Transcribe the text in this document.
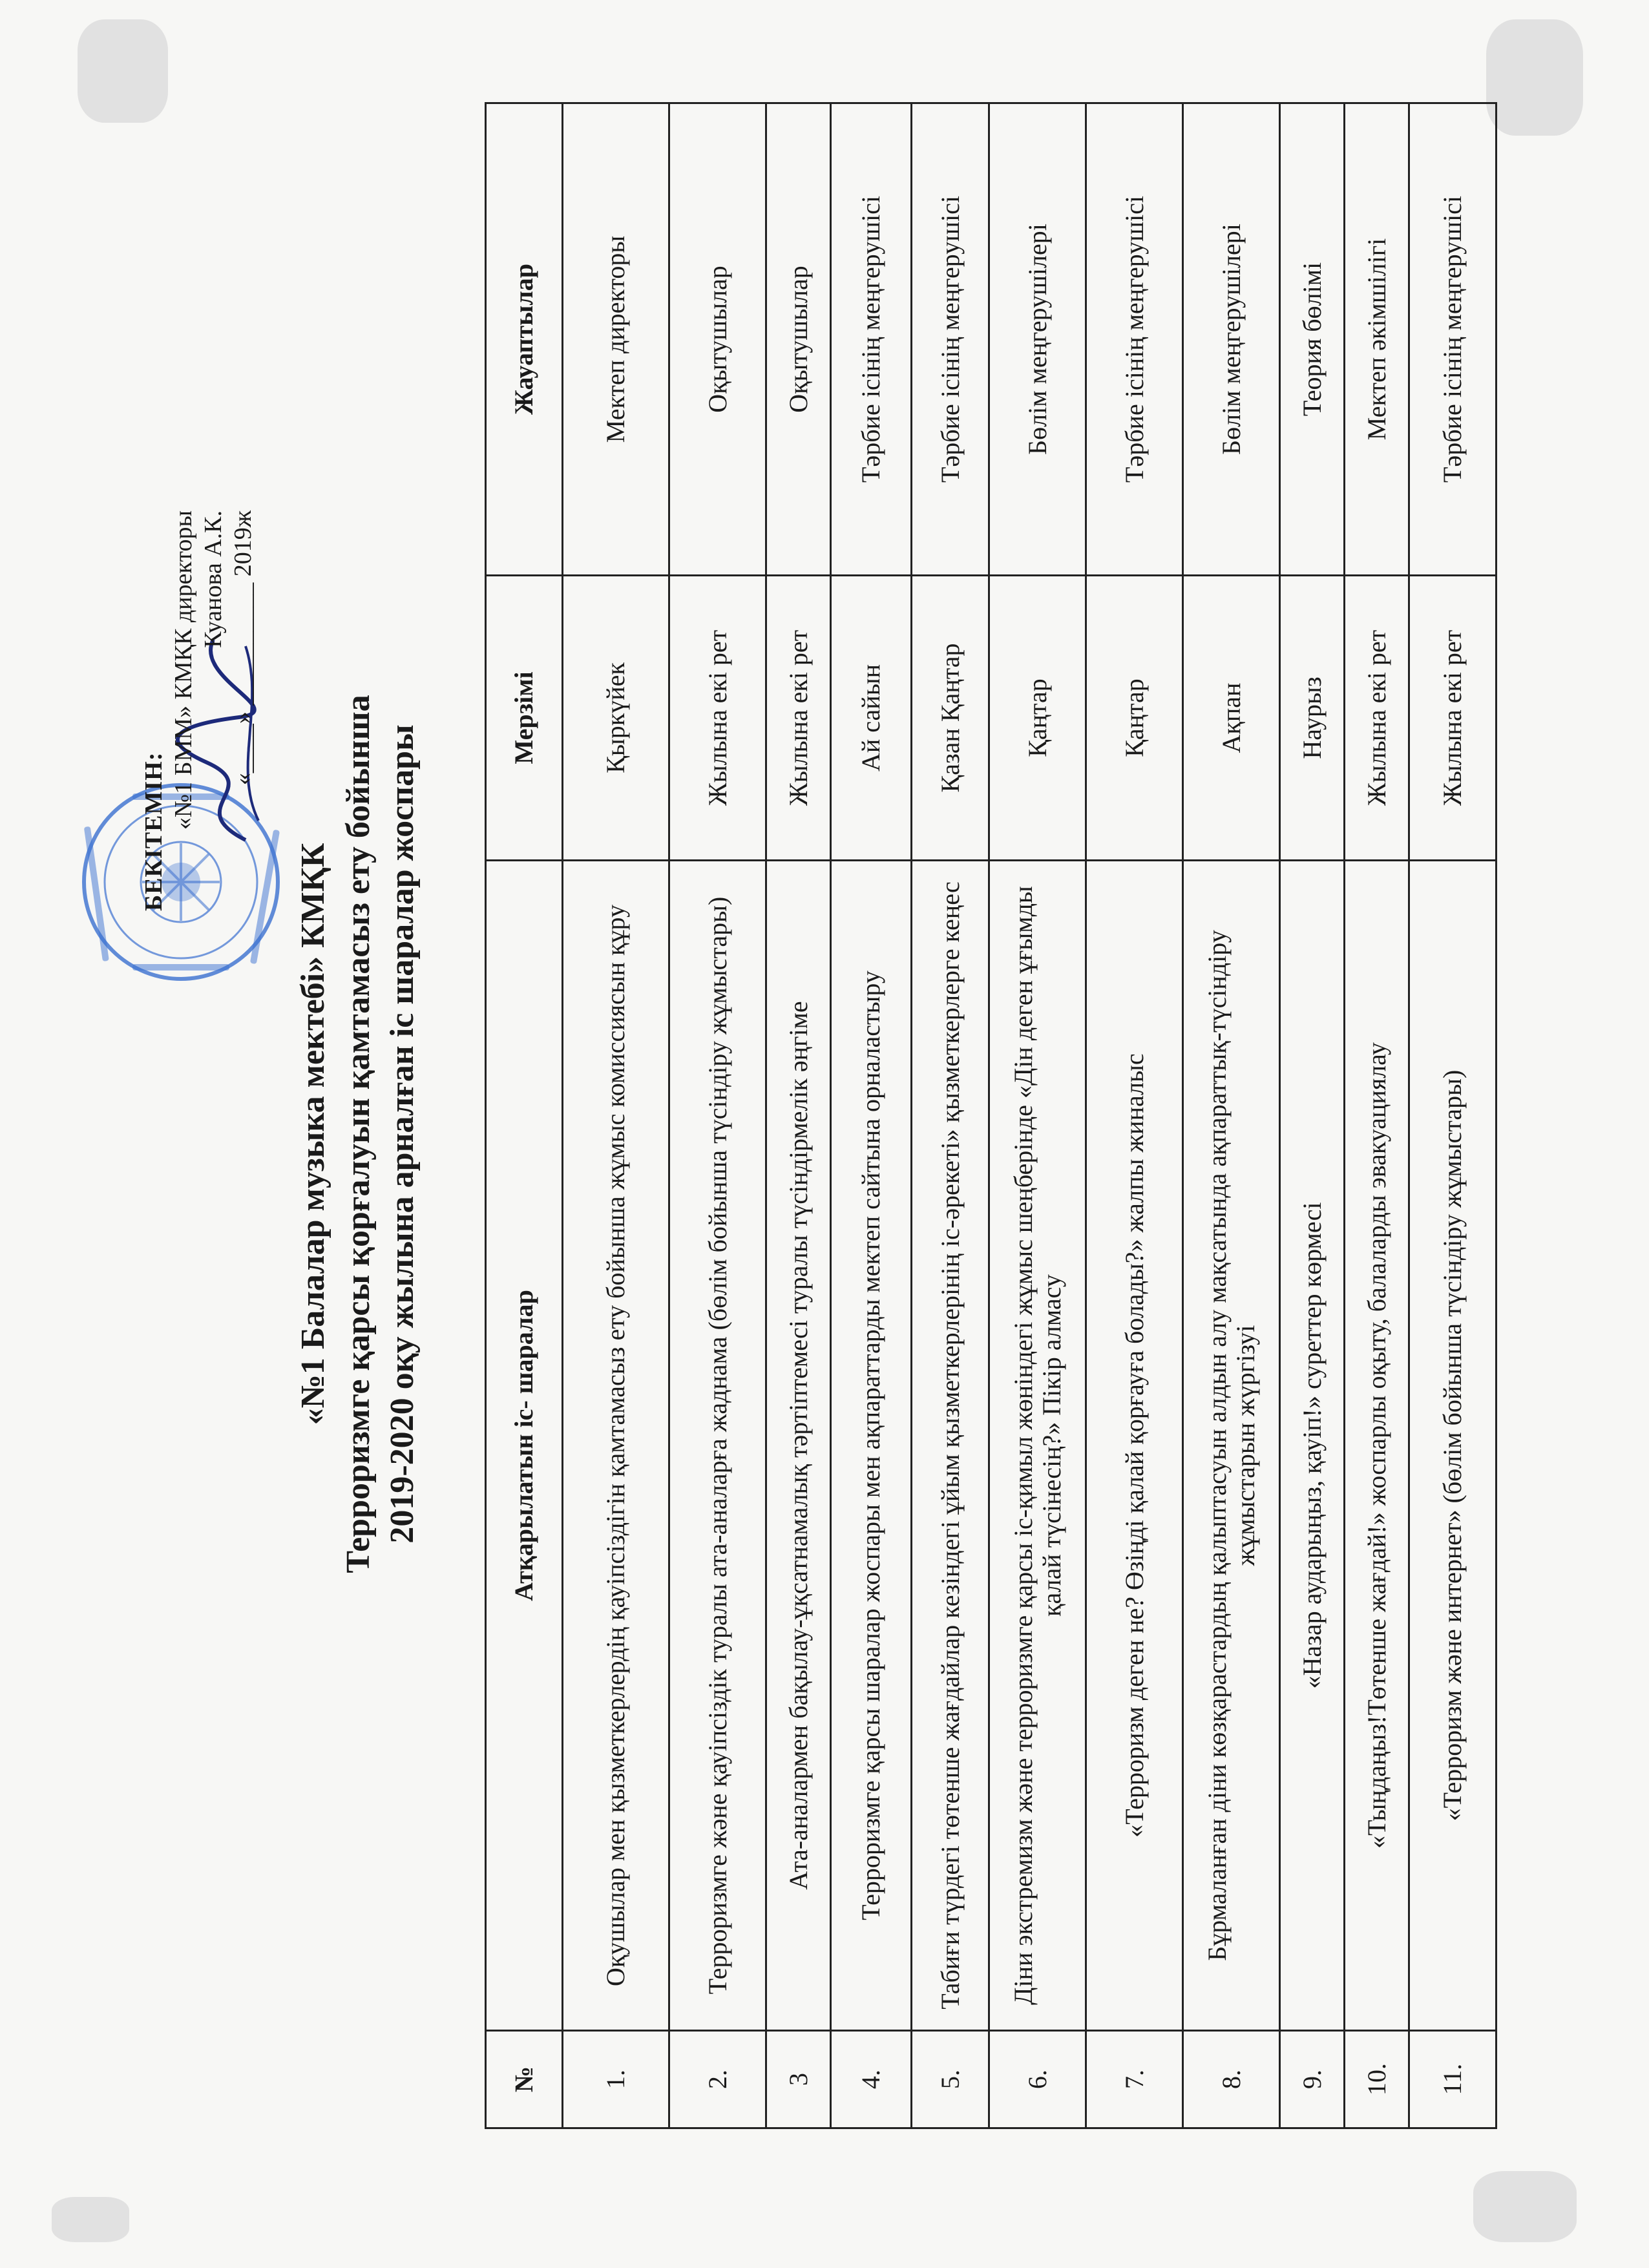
БЕКІТЕМІН:
«№1 БММ» КМҚК директоры Куанова А.К. «____» __________ 2019ж
«№1 Балалар музыка мектебі» КМҚК Терроризмге қарсы қорғалуын қамтамасыз ету бойынша 2019-2020 оқу жылына арналған іс шаралар жоспары
№	Атқарылатын іс- шаралар	Мерзімі	Жауаптылар
1.	Оқушылар мен қызметкерлердің қауіпсіздігін қамтамасыз ету бойынша жұмыс комиссиясын құру	Қыркүйек	Мектеп директоры
2.	Терроризмге және қауіпсіздік туралы ата-аналарға жаднама (бөлім бойынша түсіндіру жұмыстары)	Жылына екі рет	Оқытушылар
3	Ата-аналармен бақылау-ұқсатнамалық тәртіптемесі туралы түсіндірмелік әңгіме	Жылына екі рет	Оқытушылар
4.	Терроризмге қарсы шаралар жоспары мен ақпараттарды мектеп сайтына орналастыру	Ай сайын	Тәрбие ісінің меңгерушісі
5.	Табиғи түрдегі төтенше жағдайлар кезіндегі ұйым қызметкерлерінің іс-әрекеті» қызметкерлерге кеңес	Қазан Қаңтар	Тәрбие ісінің меңгерушісі
6.	Діни экстремизм және терроризмге қарсы іс-қимыл жөніндегі жұмыс шеңберінде «Дін деген ұғымды қалай түсінесің?» Пікір алмасу	Қаңтар	Бөлім меңгерушілері
7.	«Терроризм деген не? Өзіңді қалай қорғауға болады?» жалпы жиналыс	Қаңтар	Тәрбие ісінің меңгерушісі
8.	Бұрмаланған діни көзқарастардың қалыптасуын алдын алу мақсатында ақпараттық-түсіндіру жұмыстарын жүргізуі	Ақпан	Бөлім меңгерушілері
9.	«Назар аударыңыз, қауіп!» суреттер көрмесі	Наурыз	Теория бөлімі
10.	«Тыңдаңыз!Төтенше жағдай!» жоспарлы оқыту, балаларды эвакуациялау	Жылына екі рет	Мектеп әкімшілігі
11.	«Терроризм және интернет» (бөлім бойынша түсіндіру жұмыстары)	Жылына екі рет	Тәрбие ісінің меңгерушісі
